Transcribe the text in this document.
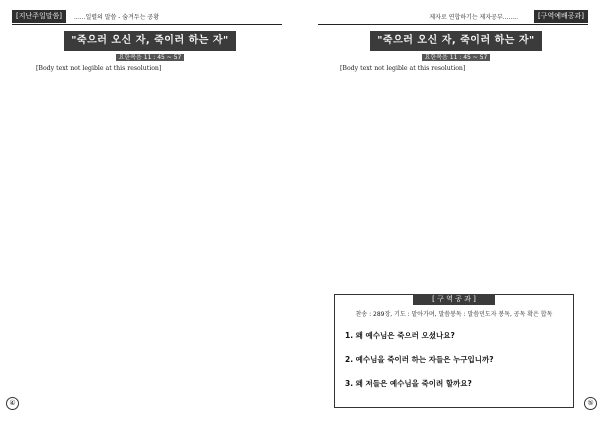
[지난주일말씀]	......일렬의 말씀 - 숨겨두는 공황
"죽으러 오신 자, 죽이러 하는 자"
요한복음 11 : 45 ~ 57

[Body text not legible at this resolution]

④
제자로 연합하기는 제자공부........	[구역예배공과]
"죽으러 오신 자, 죽이러 하는 자"
요한복음 11 : 45 ~ 57

[Body text not legible at this resolution]

[ 구 역 공 과 ]
찬송 : 289장, 기도 : 맡아가며, 말씀봉독 : 말씀민도자 봉독, 공독 확은 합독
1. 왜 예수님은 죽으러 오셨나요?
2. 예수님을 죽이러 하는 자들은 누구입니까?
3. 왜 저들은 예수님을 죽이려 할까요?
⑤
